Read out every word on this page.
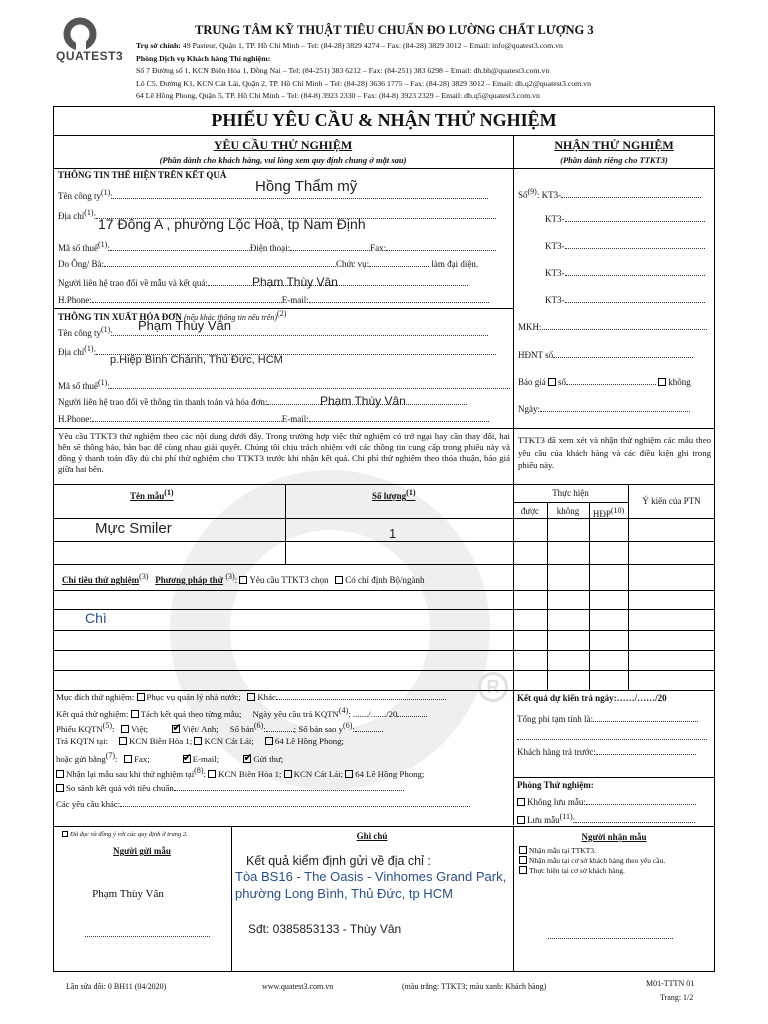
R
QUATEST3
TRUNG TÂM KỸ THUẬT TIÊU CHUẨN ĐO LƯỜNG CHẤT LƯỢNG 3
Trụ sở chính: 49 Pasteur, Quận 1, TP. Hồ Chí Minh – Tel: (84-28) 3829 4274 – Fax: (84-28) 3829 3012 – Email: info@quatest3.com.vn
Phòng Dịch vụ Khách hàng Thí nghiệm:
Số 7 Đường số 1, KCN Biên Hòa 1, Đồng Nai – Tel: (84-251) 383 6212 – Fax: (84-251) 383 6298 – Email: dh.bh@quatest3.com.vn
Lô C5, Đường K1, KCN Cát Lái, Quận 2, TP. Hồ Chí Minh – Tel: (84-28) 3636 1775 – Fax: (84-28) 3829 3012 – Email: dh.q2@quatest3.com.vn
64 Lê Hồng Phong, Quận 5, TP. Hồ Chí Minh – Tel: (84-8) 3923 2330 – Fax: (84-8) 3923 2329 – Email: dh.q5@quatest3.com.vn
PHIẾU YÊU CẦU & NHẬN THỬ NGHIỆM
YÊU CẦU THỬ NGHIỆM
(Phần dành cho khách hàng, vui lòng xem quy định chung ở mặt sau)
NHẬN THỬ NGHIỆM
(Phần dành riêng cho TTKT3)
THÔNG TIN THỂ HIỆN TRÊN KẾT QUẢ
Tên công $ty^{(1)}$:
Hồng Thẩm mỹ
Địa chỉ$^{(1)}$: 17 Đông A , phường Lộc Hoà, tp Nam Định
Mã số thuế$^{(1)}$:	Điện thoại:	Fax:
Do Ông/ Bà:	Chức vụ:	làm đại diện.
Người liên hệ trao đổi về mẫu và kết quả:	Phạm Thùy Vân
H.Phone:	E-mail:
THÔNG TIN XUẤT HÓA ĐƠN (nếu khác thông tin nêu trên)$^{(2)}$
Tên công $ty^{(1)}$:	Phạm Thùy Vân
Địa chỉ$^{(1)}$:
p.Hiệp Bình Chánh, Thủ Đức, HCM
Mã số thuế$^{(1)}$:
Người liên hệ trao đổi về thông tin thanh toán và hóa đơn:	Phạm Thùy Vân
H.Phone:	E-mail:
Số$^{(9)}$: KT3-
KT3-
KT3-
KT3-
KT3-
MKH:
HĐNT số
Báo giá số	không
Ngày:
Yêu cầu TTKT3 thử nghiệm theo các nội dung dưới đây. Trong trường hợp việc thử nghiệm có trở ngại hay cần thay đổi, hai bên sẽ thông báo, bàn bạc để cùng nhau giải quyết. Chúng tôi chịu trách nhiệm với các thông tin cung cấp trong phiếu này và đồng ý thanh toán đầy đủ chi phí thử nghiệm cho TTKT3 trước khi nhận kết quả. Chi phí thử nghiệm theo thỏa thuận, báo giá giữa hai bên.
TTKT3 đã xem xét và nhận thử nghiệm các mẫu theo yêu cầu của khách hàng và các điều kiện ghi trong phiếu này.
Tên mẫu$^{(1)}$	Số lượng$^{(1)}$	Thực hiện
được	không	HĐP$^{(10)}$
Ý kiến của PTN
Mực Smiler	1
Chỉ tiêu thử nghiệm$^{(3)}$ Phương pháp thử $^{(3)}$: Yêu cầu TTKT3 chọn Có chỉ định Bộ/ngành
Chì
Mục đích thử nghiệm: Phục vụ quản lý nhà nước; Khác
Kết quả thử nghiệm: Tách kết quả theo từng mẫu; Ngày yêu cầu trả KQTN$^{(4)}$: ......./......./20
Phiếu KQTN$^{(5)}$:   Việt; ✔	Việt/ Anh; Số bản$^{(6)}$:	; Số bản sao $y^{(6)}$:
Trả KQTN tại: KCN Biên Hòa 1; KCN Cát Lái; 64 Lê Hồng Phong;
hoặc gửi bằng$^{(7)}$:   Fax; ✔	E-mail; ✔	Gửi thư;
Nhận lại mẫu sau khi thử nghiệm tại$^{(8)}$: KCN Biên Hòa 1; KCN Cát Lái; 64 Lê Hồng Phong;
So sánh kết quả với tiêu chuẩn
Các yêu cầu khác:
Kết quả dự kiến trả ngày:……/……/20
Tổng phí tạm tính là:
Khách hàng trả trước:
Phòng Thử nghiệm:
Không lưu mẫu:
Lưu mẫu$^{(11)}$:
Đã đọc và đồng ý với các quy định ở trang 2.
Người gửi mẫu
Phạm Thùy Vân
Ghi chú
Kết quả kiểm định gửi về địa chỉ :
Tòa BS16 - The Oasis - Vinhomes Grand Park, phường Long Bình, Thủ Đức, tp HCM
Sđt: 0385853133 - Thùy Vân
Người nhận mẫu
Nhận mẫu tại TTKT3.
Nhận mẫu tại cơ sở khách hàng theo yêu cầu.
Thực hiện tại cơ sở khách hàng.
Lần sửa đổi: 0 BH11 (04/2020)	www.quatest3.com.vn	(màu trắng: TTKT3; màu xanh: Khách hàng)	M01-TTTN 01
Trang: 1/2
